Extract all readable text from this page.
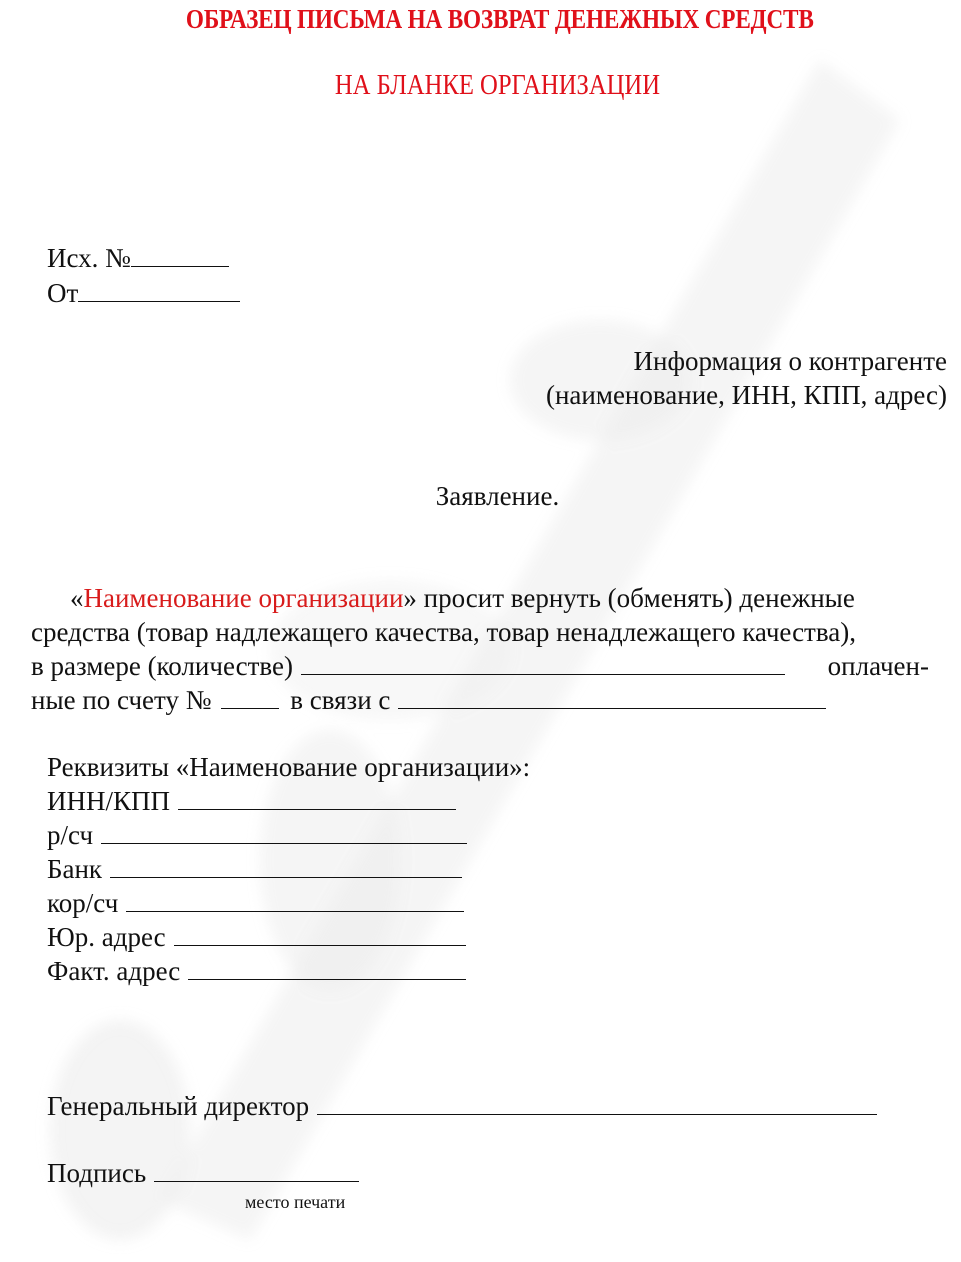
ОБРАЗЕЦ ПИСЬМА НА ВОЗВРАТ ДЕНЕЖНЫХ СРЕДСТВ
НА БЛАНКЕ ОРГАНИЗАЦИИ
Исх. №
От
Информация о контрагенте
(наименование, ИНН, КПП, адрес)
Заявление.
«Наименование организации» просит вернуть (обменять) денежные
средства (товар надлежащего качества, товар ненадлежащего качества),
в размере (количестве)	оплачен-
ные по счету №	в связи с
Реквизиты «Наименование организации»:
ИНН/КПП
р/сч
Банк
кор/сч
Юр. адрес
Факт. адрес
Генеральный директор
Подпись
место печати
